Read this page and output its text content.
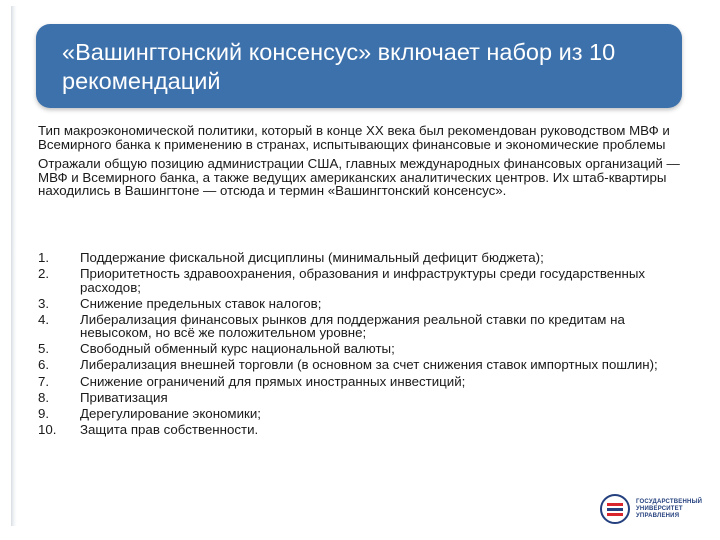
«Вашингтонский консенсус» включает набор из 10 рекомендаций

Тип макроэкономической политики, который в конце XX века был рекомендован руководством МВФ и Всемирного банка к применению в странах, испытывающих финансовые и экономические проблемы

Отражали общую позицию администрации США, главных международных финансовых организаций — МВФ и Всемирного банка, а также ведущих американских аналитических центров. Их штаб-квартиры находились в Вашингтоне — отсюда и термин «Вашингтонский консенсус».

1.	Поддержание фискальной дисциплины (минимальный дефицит бюджета);
2.	Приоритетность здравоохранения, образования и инфраструктуры среди государственных расходов;
3.	Снижение предельных ставок налогов;
4.	Либерализация финансовых рынков для поддержания реальной ставки по кредитам на невысоком, но всё же положительном уровне;
5.	Свободный обменный курс национальной валюты;
6.	Либерализация внешней торговли (в основном за счет снижения ставок импортных пошлин);
7.	Снижение ограничений для прямых иностранных инвестиций;
8.	Приватизация
9.	Дерегулирование экономики;
10.	Защита прав собственности.
ГОСУДАРСТВЕННЫЙ
УНИВЕРСИТЕТ
УПРАВЛЕНИЯ
